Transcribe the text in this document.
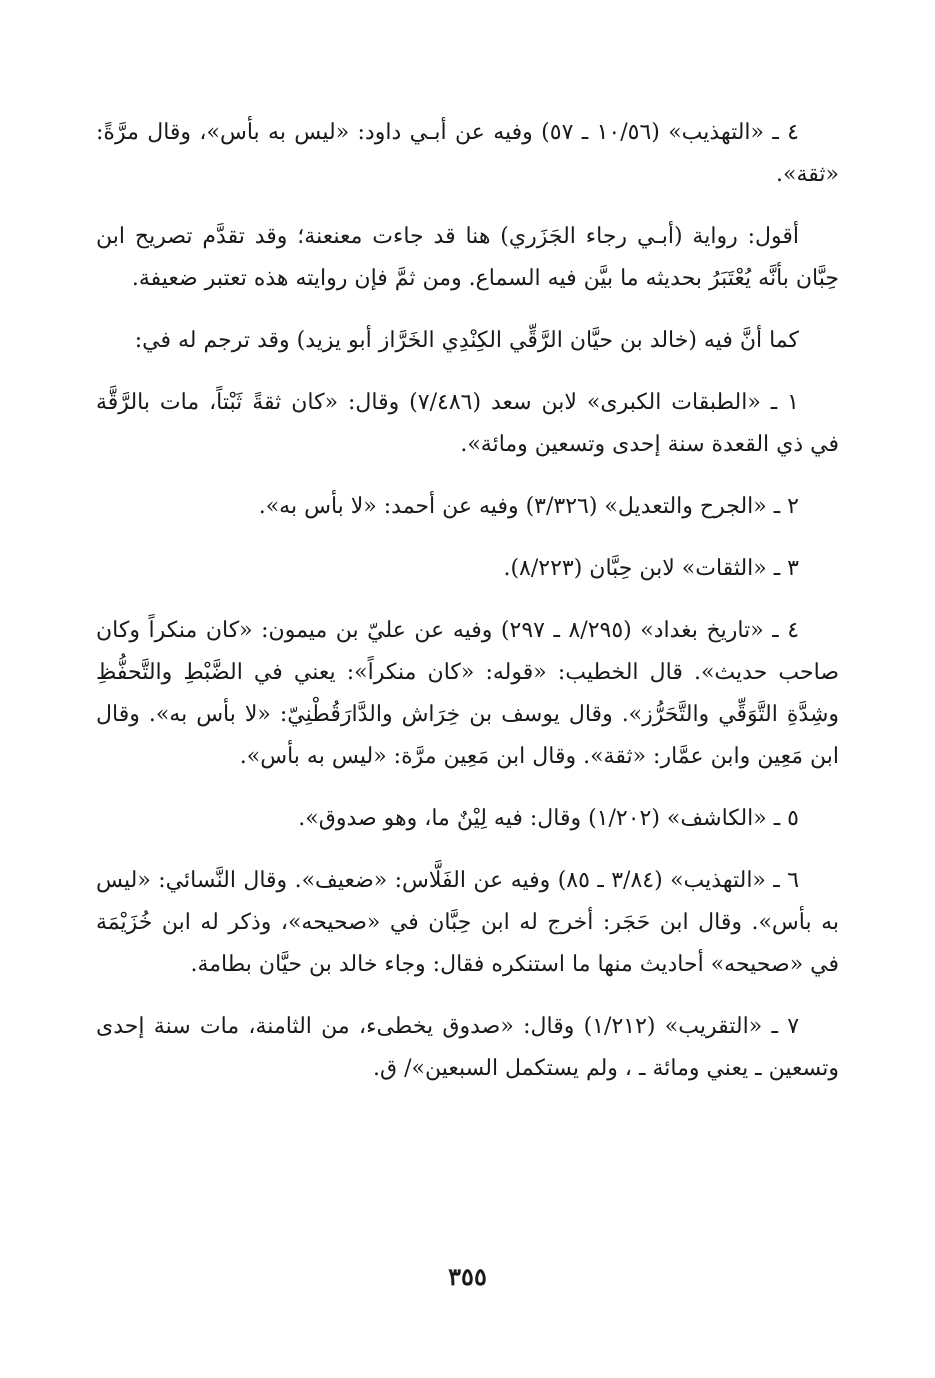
٤ ـ «التهذيب» (١٠/٥٦ ـ ٥٧) وفيه عن أبـي داود: «ليس به بأس»، وقال مرَّةً: «ثقة».

أقول: رواية (أبـي رجاء الجَزَري) هنا قد جاءت معنعنة؛ وقد تقدَّم تصريح ابن حِبَّان بأنَّه يُعْتَبَرُ بحديثه ما بيَّن فيه السماع. ومن ثمَّ فإن روايته هذه تعتبر ضعيفة.

كما أنَّ فيه (خالد بن حيَّان الرَّقِّي الكِنْدِي الخَرَّاز أبو يزيد) وقد ترجم له في:

١ ـ «الطبقات الكبرى» لابن سعد (٧/٤٨٦) وقال: «كان ثقةً ثَبْتاً، مات بالرَّقَّة في ذي القعدة سنة إحدى وتسعين ومائة».

٢ ـ «الجرح والتعديل» (٣/٣٢٦) وفيه عن أحمد: «لا بأس به».

٣ ـ «الثقات» لابن حِبَّان (٨/٢٢٣).

٤ ـ «تاريخ بغداد» (٨/٢٩٥ ـ ٢٩٧) وفيه عن عليّ بن ميمون: «كان منكراً وكان صاحب حديث». قال الخطيب: «قوله: «كان منكراً»: يعني في الضَّبْطِ والتَّحفُّظِ وشِدَّةِ التَّوَقِّي والتَّحَرُّز». وقال يوسف بن خِرَاش والدَّارَقُطْنِيّ: «لا بأس به». وقال ابن مَعِين وابن عمَّار: «ثقة». وقال ابن مَعِين مرَّة: «ليس به بأس».

٥ ـ «الكاشف» (١/٢٠٢) وقال: فيه لِيْنٌ ما، وهو صدوق».

٦ ـ «التهذيب» (٣/٨٤ ـ ٨٥) وفيه عن الفَلَّاس: «ضعيف». وقال النَّسائي: «ليس به بأس». وقال ابن حَجَر: أخرج له ابن حِبَّان في «صحيحه»، وذكر له ابن خُزَيْمَة في «صحيحه» أحاديث منها ما استنكره فقال: وجاء خالد بن حيَّان بطامة.

٧ ـ «التقريب» (١/٢١٢) وقال: «صدوق يخطىء، من الثامنة، مات سنة إحدى وتسعين ـ يعني ومائة ـ ، ولم يستكمل السبعين»/ ق.

٣٥٥
